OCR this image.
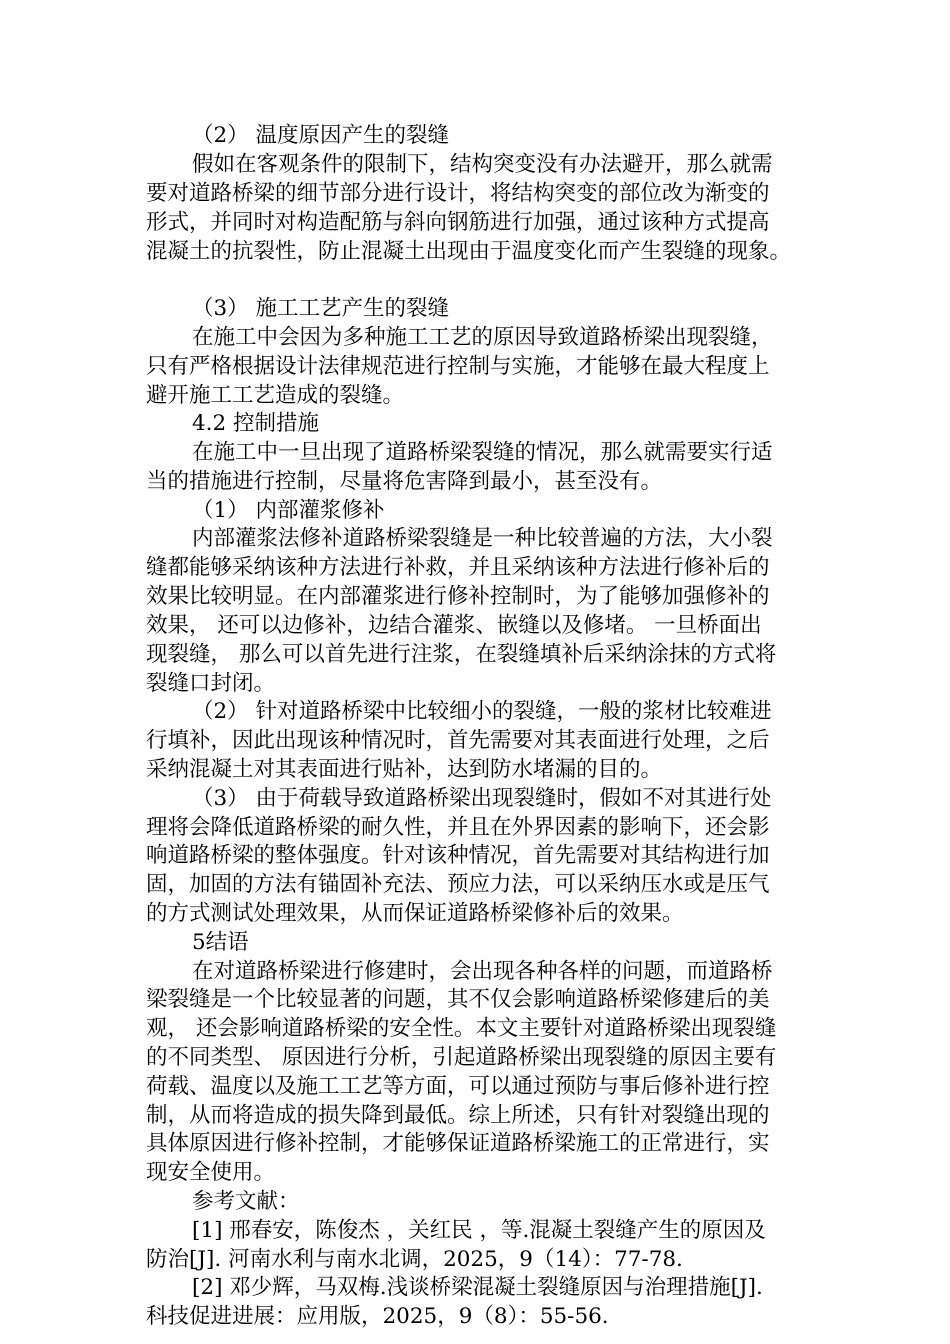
（2） 温度原因产生的裂缝
假如在客观条件的限制下，结构突变没有办法避开，那么就需
要对道路桥梁的细节部分进行设计，将结构突变的部位改为渐变的
形式，并同时对构造配筋与斜向钢筋进行加强，通过该种方式提高
混凝土的抗裂性，防止混凝土出现由于温度变化而产生裂缝的现象。
（3） 施工工艺产生的裂缝
在施工中会因为多种施工工艺的原因导致道路桥梁出现裂缝，
只有严格根据设计法律规范进行控制与实施，才能够在最大程度上
避开施工工艺造成的裂缝。
4.2 控制措施
在施工中一旦出现了道路桥梁裂缝的情况，那么就需要实行适
当的措施进行控制，尽量将危害降到最小，甚至没有。
（1） 内部灌浆修补
内部灌浆法修补道路桥梁裂缝是一种比较普遍的方法，大小裂
缝都能够采纳该种方法进行补救，并且采纳该种方法进行修补后的
效果比较明显。在内部灌浆进行修补控制时，为了能够加强修补的
效果， 还可以边修补，边结合灌浆、嵌缝以及修堵。 一旦桥面出
现裂缝， 那么可以首先进行注浆，在裂缝填补后采纳涂抹的方式将
裂缝口封闭。
（2） 针对道路桥梁中比较细小的裂缝，一般的浆材比较难进
行填补，因此出现该种情况时，首先需要对其表面进行处理，之后
采纳混凝土对其表面进行贴补，达到防水堵漏的目的。
（3） 由于荷载导致道路桥梁出现裂缝时，假如不对其进行处
理将会降低道路桥梁的耐久性，并且在外界因素的影响下，还会影
响道路桥梁的整体强度。针对该种情况，首先需要对其结构进行加
固，加固的方法有锚固补充法、预应力法，可以采纳压水或是压气
的方式测试处理效果，从而保证道路桥梁修补后的效果。
5结语
在对道路桥梁进行修建时，会出现各种各样的问题，而道路桥
梁裂缝是一个比较显著的问题，其不仅会影响道路桥梁修建后的美
观， 还会影响道路桥梁的安全性。本文主要针对道路桥梁出现裂缝
的不同类型、 原因进行分析，引起道路桥梁出现裂缝的原因主要有
荷载、温度以及施工工艺等方面，可以通过预防与事后修补进行控
制，从而将造成的损失降到最低。综上所述，只有针对裂缝出现的
具体原因进行修补控制，才能够保证道路桥梁施工的正常进行，实
现安全使用。
参考文献：
[1] 邢春安，陈俊杰 ，关红民 ，等.混凝土裂缝产生的原因及
防治[J]. 河南水利与南水北调，2025，9（14）：77-78.
[2] 邓少辉，马双梅.浅谈桥梁混凝土裂缝原因与治理措施[J].
科技促进进展：应用版，2025，9（8）：55-56.
